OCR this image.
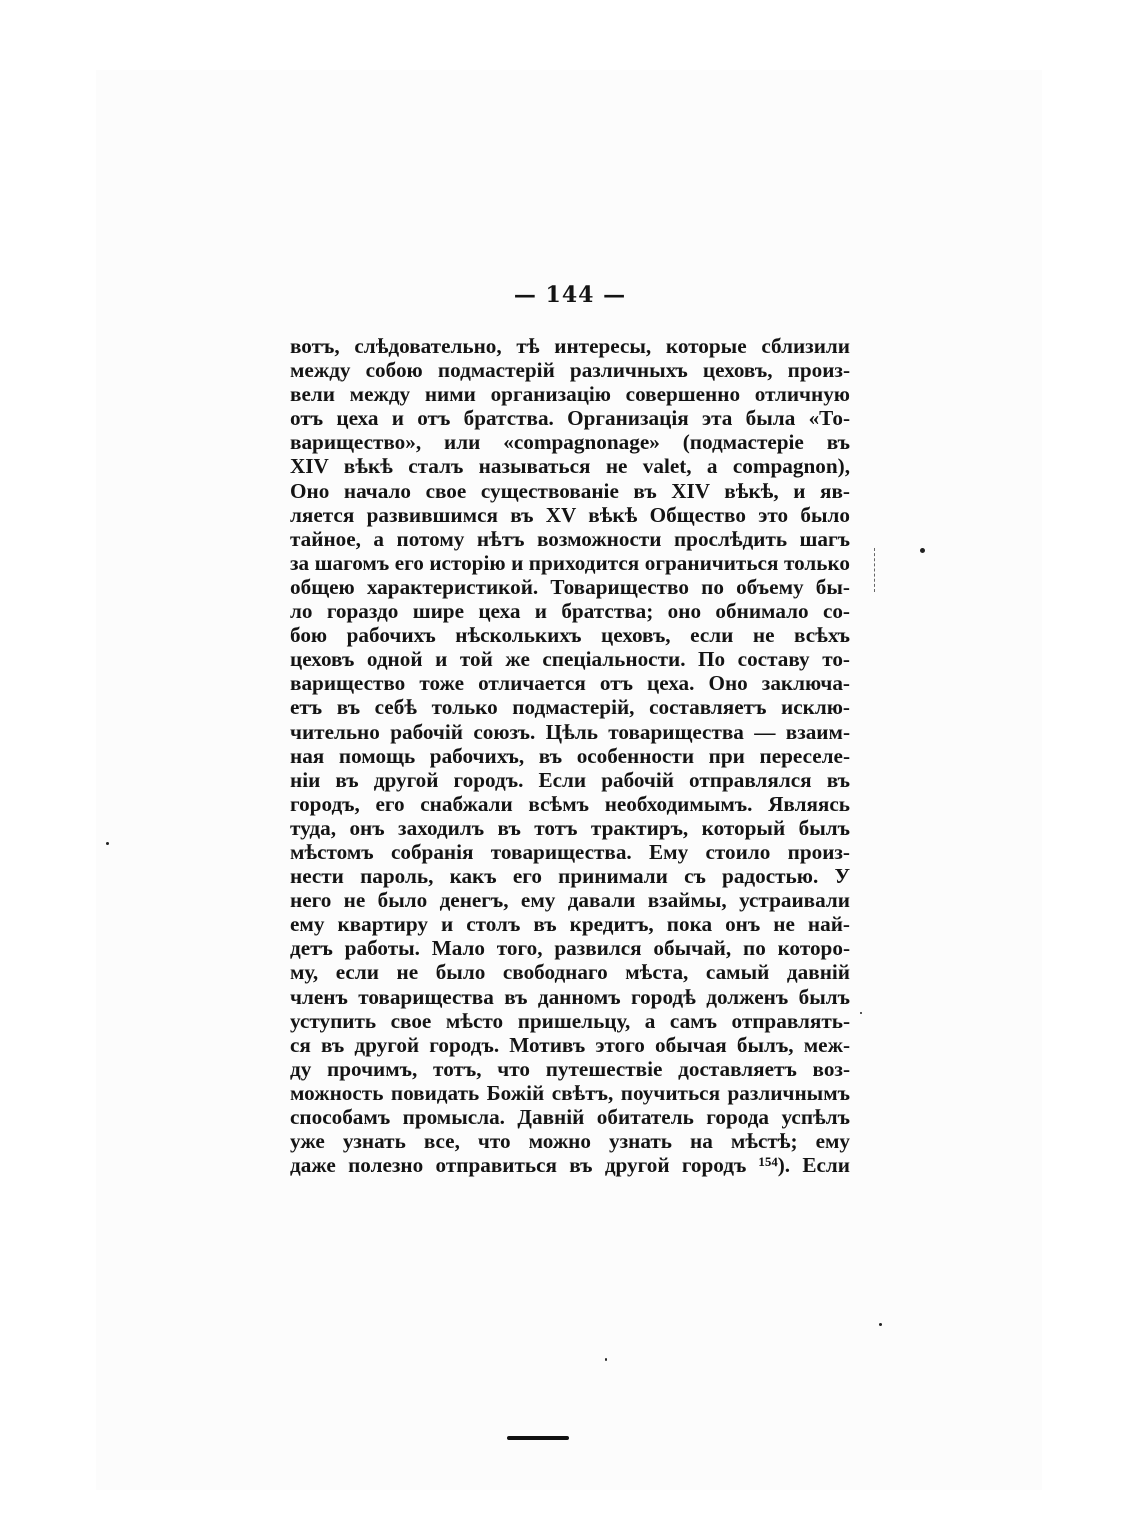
— 144 —
вотъ, слѣдовательно, тѣ интересы, которые сблизили
между собою подмастерiй различныхъ цеховъ, произ-
вели между ними организацію совершенно отличную
отъ цеха и отъ братства. Организація эта была «То-
варищество», или «compagnonage» (подмастерiе въ
XIV вѣкѣ сталъ называться не valet, а compagnon),
Оно начало свое существованіе въ XIV вѣкѣ, и яв-
ляется развившимся въ XV вѣкѣ Общество это было
тайное, а потому нѣтъ возможности прослѣдить шагъ
за шагомъ его исторію и приходится ограничиться только
общею характеристикой. Товарищество по объему бы-
ло гораздо шире цеха и братства; оно обнимало со-
бою рабочихъ нѣсколькихъ цеховъ, если не всѣхъ
цеховъ одной и той же спеціальности. По составу то-
варищество тоже отличается отъ цеха. Оно заключа-
етъ въ себѣ только подмастерiй, составляетъ исклю-
чительно рабочій союзъ. Цѣль товарищества — взаим-
ная помощь рабочихъ, въ особенности при переселе-
ніи въ другой городъ. Если рабочій отправлялся въ
городъ, его снабжали всѣмъ необходимымъ. Являясь
туда, онъ заходилъ въ тотъ трактиръ, который былъ
мѣстомъ собранія товарищества. Ему стоило произ-
нести пароль, какъ его принимали съ радостью. У
него не было денегъ, ему давали взаймы, устраивали
ему квартиру и столъ въ кредитъ, пока онъ не най-
детъ работы. Мало того, развился обычай, по которо-
му, если не было свободнаго мѣста, самый давній
членъ товарищества въ данномъ городѣ долженъ былъ
уступить свое мѣсто пришельцу, а самъ отправлять-
ся въ другой городъ. Мотивъ этого обычая былъ, меж-
ду прочимъ, тотъ, что путешествіе доставляетъ воз-
можность повидать Божій свѣтъ, поучиться различнымъ
способамъ промысла. Давній обитатель города успѣлъ
уже узнать все, что можно узнать на мѣстѣ; ему
даже полезно отправиться въ другой городъ ¹⁵⁴). Если
